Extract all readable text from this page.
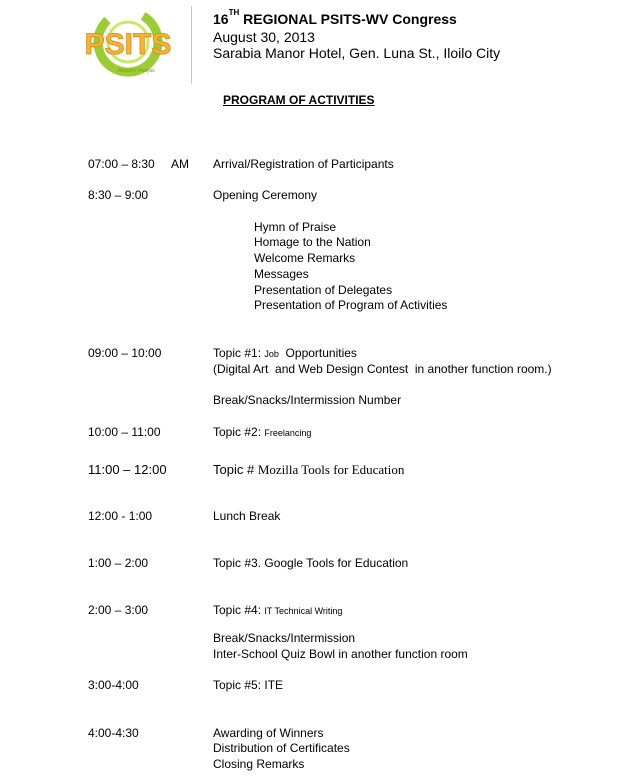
PSITS
Western Visayas
16TH REGIONAL PSITS-WV Congress
August 30, 2013
Sarabia Manor Hotel, Gen. Luna St., Iloilo City
PROGRAM OF ACTIVITIES
07:00 – 8:30 AM Arrival/Registration of Participants
8:30 – 9:00	Opening Ceremony
Hymn of Praise
Homage to the Nation
Welcome Remarks
Messages
Presentation of Delegates
Presentation of Program of Activities
09:00 – 10:00	Topic #1: Job  Opportunities
(Digital Art  and Web Design Contest  in another function room.)
Break/Snacks/Intermission Number
10:00 – 11:00	Topic #2: Freelancing
11:00 – 12:00	Topic # Mozilla Tools for Education
12:00 - 1:00	Lunch Break
1:00 – 2:00	Topic #3. Google Tools for Education
2:00 – 3:00	Topic #4: IT Technical Writing
Break/Snacks/Intermission
Inter-School Quiz Bowl in another function room
3:00-4:00	Topic #5: ITE
4:00-4:30	Awarding of Winners
Distribution of Certificates
Closing Remarks
